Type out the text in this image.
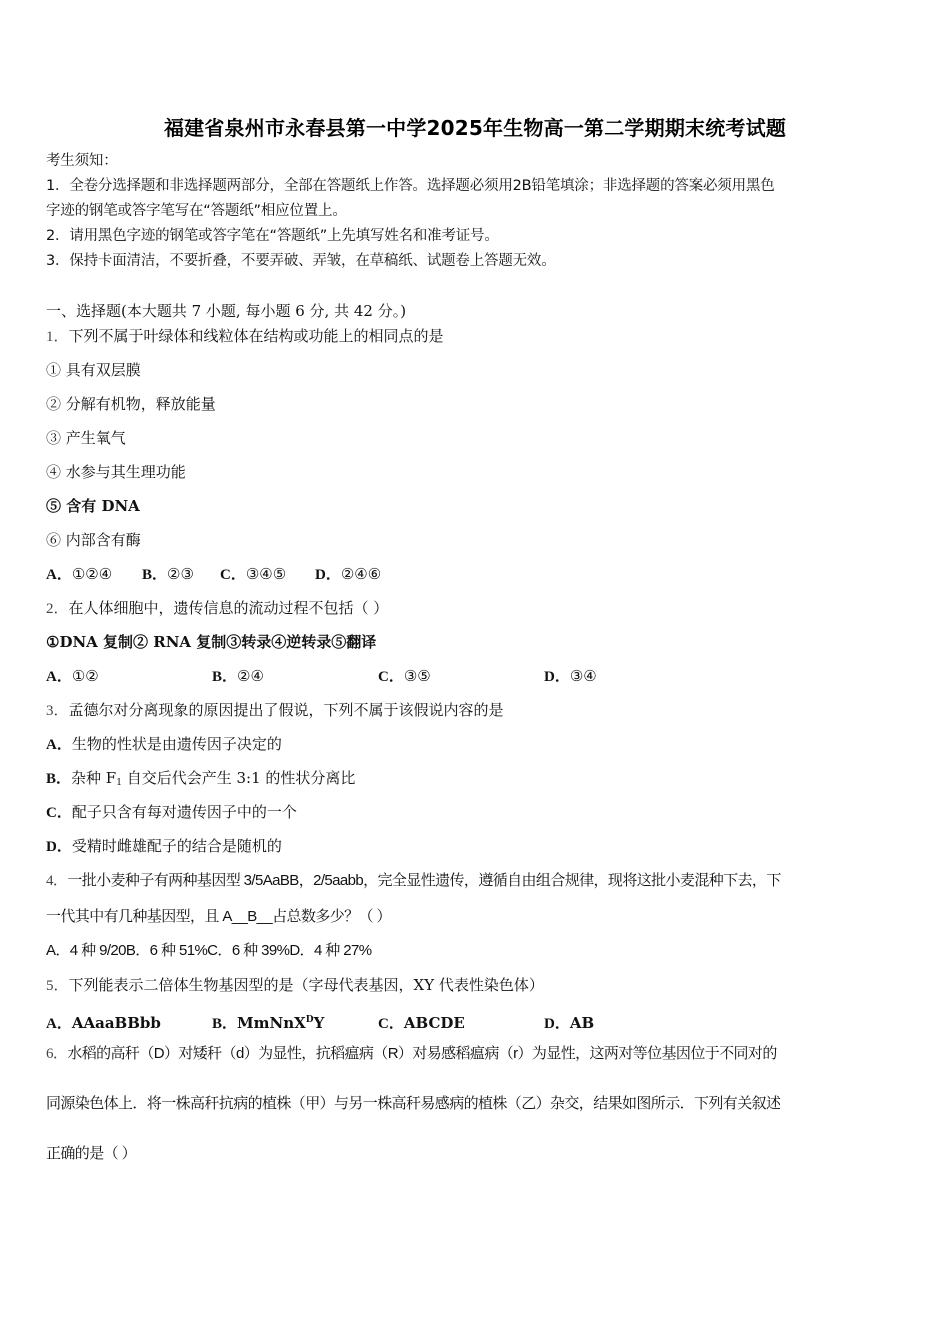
福建省泉州市永春县第一中学2025年生物高一第二学期期末统考试题
考生须知：
1．全卷分选择题和非选择题两部分，全部在答题纸上作答。选择题必须用2B铅笔填涂；非选择题的答案必须用黑色
字迹的钢笔或答字笔写在“答题纸”相应位置上。
2．请用黑色字迹的钢笔或答字笔在“答题纸”上先填写姓名和准考证号。
3．保持卡面清洁，不要折叠，不要弄破、弄皱，在草稿纸、试题卷上答题无效。
一、选择题(本大题共 7 小题, 每小题 6 分, 共 42 分。)
1．下列不属于叶绿体和线粒体在结构或功能上的相同点的是
① 具有双层膜
② 分解有机物，释放能量
③ 产生氧气
④ 水参与其生理功能
⑤ 含有 DNA
⑥ 内部含有酶
A．①②④ B．②③ C．③④⑤ D．②④⑥
2．在人体细胞中，遗传信息的流动过程不包括（ ）
①DNA 复制② RNA 复制③转录④逆转录⑤翻译
A．①②	B．②④	C．③⑤	D．③④
3．孟德尔对分离现象的原因提出了假说，下列不属于该假说内容的是
A．生物的性状是由遗传因子决定的
B．杂种 $F_1$ 自交后代会产生 3:1 的性状分离比
C．配子只含有每对遗传因子中的一个
D．受精时雌雄配子的结合是随机的
4．一批小麦种子有两种基因型 3/5AaBB，2/5aabb，完全显性遗传，遵循自由组合规律，现将这批小麦混种下去，下
一代其中有几种基因型，且 A__B__占总数多少？（ ）
A．4 种 9/20B．6 种 51%C．6 种 39%D．4 种 27%
5．下列能表示二倍体生物基因型的是（字母代表基因，XY 代表性染色体）
A．AAaaBBbb	B．MmNnX$^D$Y	C．ABCDE	D．AB
6．水稻的高秆（D）对矮秆（d）为显性，抗稻瘟病（R）对易感稻瘟病（r）为显性，这两对等位基因位于不同对的
同源染色体上．将一株高秆抗病的植株（甲）与另一株高秆易感病的植株（乙）杂交，结果如图所示．下列有关叙述
正确的是（ ）
